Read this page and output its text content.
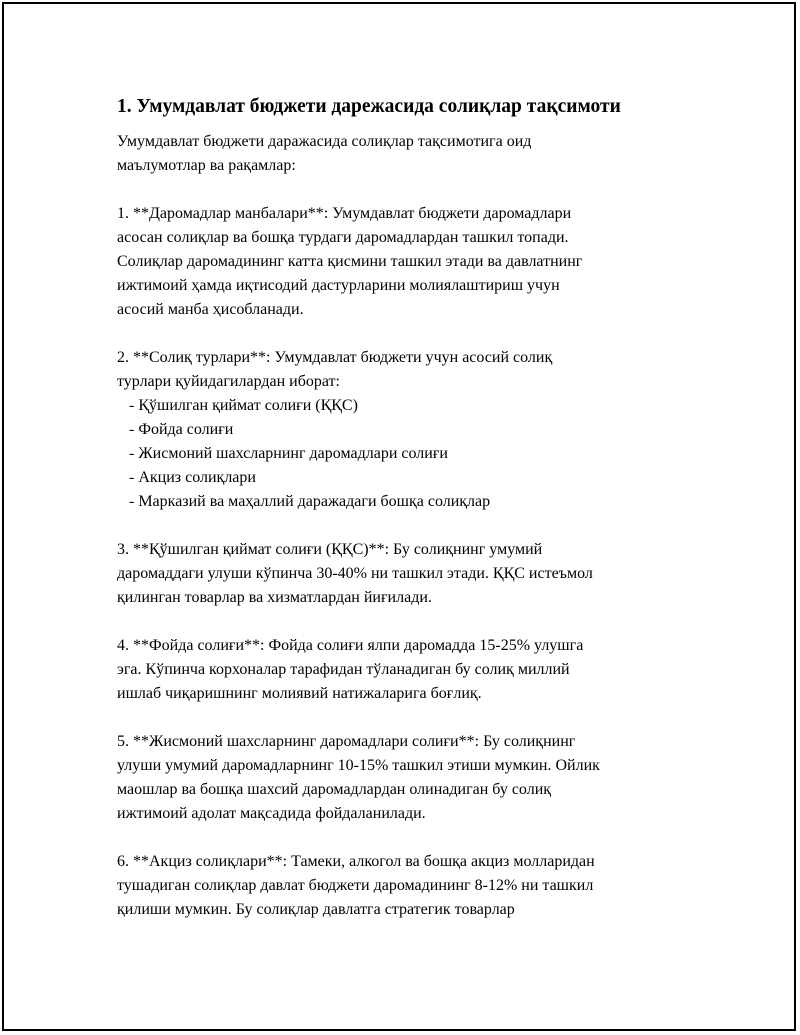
1. Умумдавлат бюджети дарежасида солиқлар тақсимоти

Умумдавлат бюджети даражасида солиқлар тақсимотига оид
маълумотлар ва рақамлар:

1. **Даромадлар манбалари**: Умумдавлат бюджети даромадлари
асосан солиқлар ва бошқа турдаги даромадлардан ташкил топади.
Солиқлар даромадининг катта қисмини ташкил этади ва давлатнинг
ижтимоий ҳамда иқтисодий дастурларини молиялаштириш учун
асосий манба ҳисобланади.

2. **Солиқ турлари**: Умумдавлат бюджети учун асосий солиқ
турлари қуйидагилардан иборат:

- Қўшилган қиймат солиғи (ҚҚС)
- Фойда солиғи
- Жисмоний шахсларнинг даромадлари солиғи
- Акциз солиқлари
- Марказий ва маҳаллий даражадаги бошқа солиқлар

3. **Қўшилган қиймат солиғи (ҚҚС)**: Бу солиқнинг умумий
даромаддаги улуши кўпинча 30-40% ни ташкил этади. ҚҚС истеъмол
қилинган товарлар ва хизматлардан йиғилади.

4. **Фойда солиғи**: Фойда солиғи ялпи даромадда 15-25% улушга
эга. Кўпинча корхоналар тарафидан тўланадиган бу солиқ миллий
ишлаб чиқаришнинг молиявий натижаларига боғлиқ.

5. **Жисмоний шахсларнинг даромадлари солиғи**: Бу солиқнинг
улуши умумий даромадларнинг 10-15% ташкил этиши мумкин. Ойлик
маошлар ва бошқа шахсий даромадлардан олинадиган бу солиқ
ижтимоий адолат мақсадида фойдаланилади.

6. **Акциз солиқлари**: Тамеки, алкогол ва бошқа акциз молларидан
тушадиган солиқлар давлат бюджети даромадининг 8-12% ни ташкил
қилиши мумкин. Бу солиқлар давлатга стратегик товарлар
